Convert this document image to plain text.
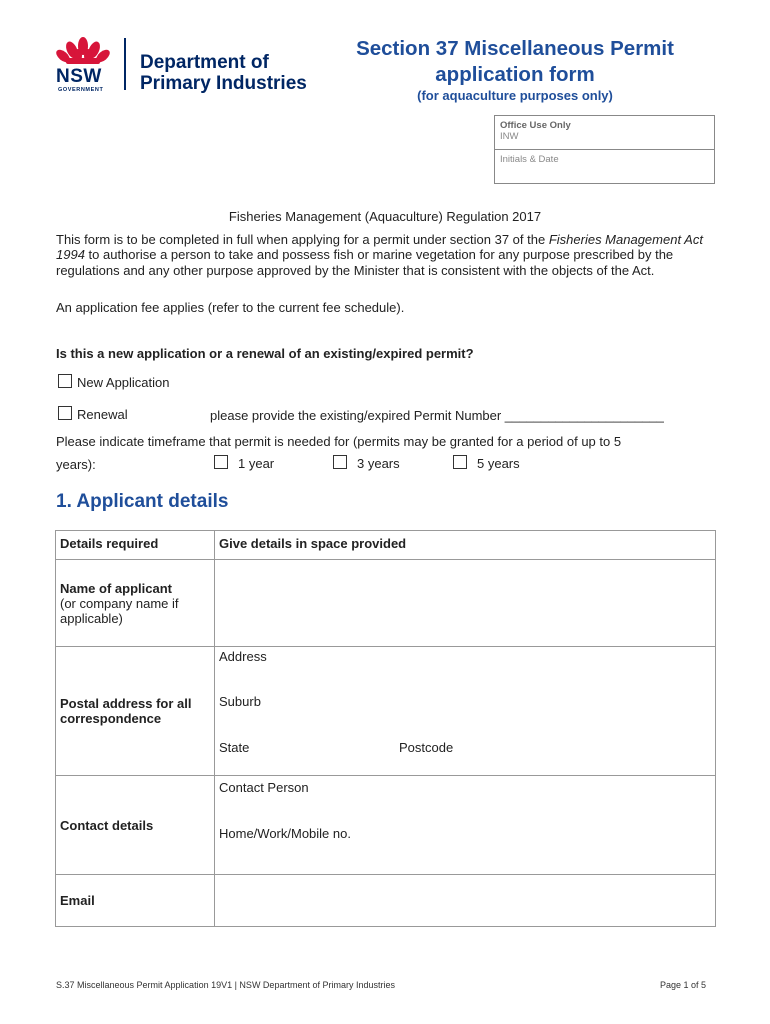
NSW
GOVERNMENT
Department of
Primary Industries
Section 37 Miscellaneous Permit
application form
(for aquaculture purposes only)
Office Use Only
INW
Initials & Date
Fisheries Management (Aquaculture) Regulation 2017
This form is to be completed in full when applying for a permit under section 37 of the Fisheries Management Act 1994 to authorise a person to take and possess fish or marine vegetation for any purpose prescribed by the regulations and any other purpose approved by the Minister that is consistent with the objects of the Act.
An application fee applies (refer to the current fee schedule).
Is this a new application or a renewal of an existing/expired permit?
New Application
Renewal	please provide the existing/expired Permit Number ______________________
Please indicate timeframe that permit is needed for (permits may be granted for a period of up to 5
years):	1 year	3 years	5 years
1. Applicant details
Details required	Give details in space provided

Name of applicant
(or company name if applicable)	

Postal address for all correspondence	Address
Suburb
State Postcode

Contact details	Contact Person
Home/Work/Mobile no.

Email	
S.37 Miscellaneous Permit Application 19V1 | NSW Department of Primary Industries	Page 1 of 5
